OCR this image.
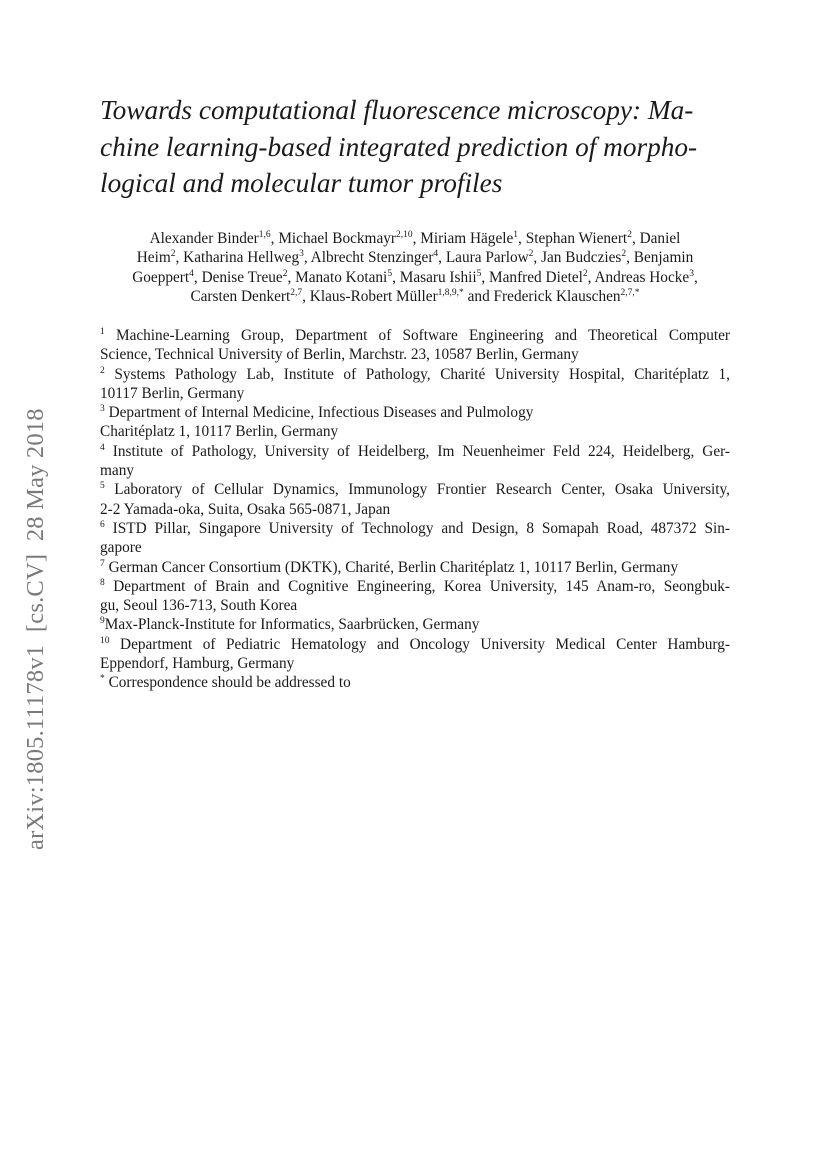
arXiv:1805.11178v1  [cs.CV]  28 May 2018
Towards computational fluorescence microscopy: Ma-
chine learning-based integrated prediction of morpho-
logical and molecular tumor profiles
Alexander Binder$^{1,6}$, Michael Bockmayr$^{2,10}$, Miriam Hägele$^1$, Stephan Wienert$^2$, Daniel
Heim$^2$, Katharina Hellweg$^3$, Albrecht Stenzinger$^4$, Laura Parlow$^2$, Jan Budczies$^2$, Benjamin
Goeppert$^4$, Denise Treue$^2$, Manato Kotani$^5$, Masaru Ishii$^5$, Manfred Dietel$^2$, Andreas Hocke$^3$,
Carsten Denkert$^{2,7}$, Klaus-Robert Müller$^{1,8,9,*}$ and Frederick Klauschen$^{2,7,*}$
$^1$ Machine-Learning Group, Department of Software Engineering and Theoretical Computer
Science, Technical University of Berlin, Marchstr. 23, 10587 Berlin, Germany
$^2$ Systems Pathology Lab, Institute of Pathology, Charité University Hospital, Charitéplatz 1,
10117 Berlin, Germany
$^3$ Department of Internal Medicine, Infectious Diseases and Pulmology
Charitéplatz 1, 10117 Berlin, Germany
$^4$ Institute of Pathology, University of Heidelberg, Im Neuenheimer Feld 224, Heidelberg, Ger-
many
$^5$ Laboratory of Cellular Dynamics, Immunology Frontier Research Center, Osaka University,
2-2 Yamada-oka, Suita, Osaka 565-0871, Japan
$^6$ ISTD Pillar, Singapore University of Technology and Design, 8 Somapah Road, 487372 Sin-
gapore
$^7$ German Cancer Consortium (DKTK), Charité, Berlin Charitéplatz 1, 10117 Berlin, Germany
$^8$ Department of Brain and Cognitive Engineering, Korea University, 145 Anam-ro, Seongbuk-
gu, Seoul 136-713, South Korea
$^9$Max-Planck-Institute for Informatics, Saarbrücken, Germany
$^{10}$ Department of Pediatric Hematology and Oncology University Medical Center Hamburg-
Eppendorf, Hamburg, Germany
* Correspondence should be addressed to
